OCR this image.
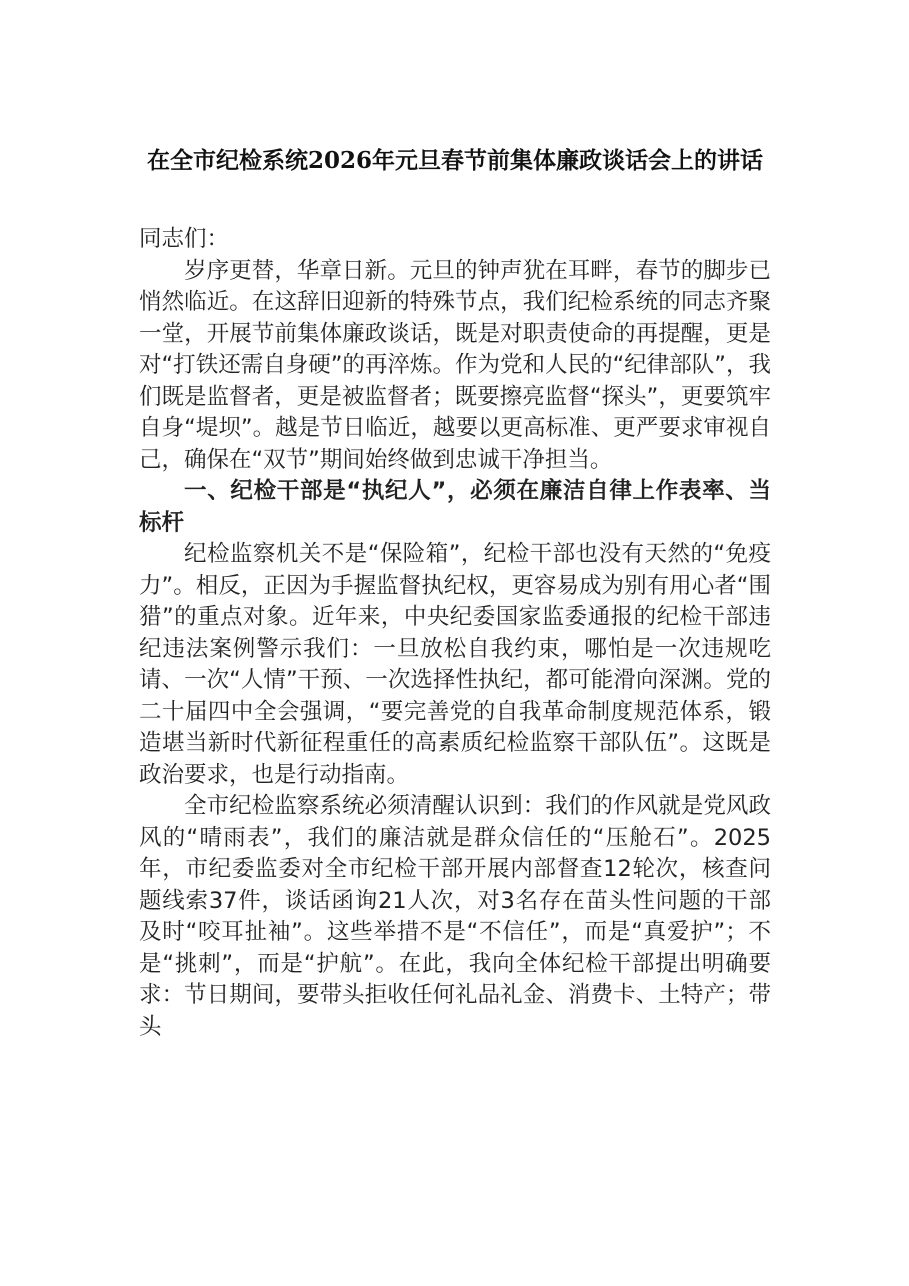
在全市纪检系统2026年元旦春节前集体廉政谈话会上的讲话

同志们：

岁序更替，华章日新。元旦的钟声犹在耳畔，春节的脚步已悄然临近。在这辞旧迎新的特殊节点，我们纪检系统的同志齐聚一堂，开展节前集体廉政谈话，既是对职责使命的再提醒，更是对“打铁还需自身硬”的再淬炼。作为党和人民的“纪律部队”，我们既是监督者，更是被监督者；既要擦亮监督“探头”，更要筑牢自身“堤坝”。越是节日临近，越要以更高标准、更严要求审视自己，确保在“双节”期间始终做到忠诚干净担当。

一、纪检干部是“执纪人”，必须在廉洁自律上作表率、当标杆

纪检监察机关不是“保险箱”，纪检干部也没有天然的“免疫力”。相反，正因为手握监督执纪权，更容易成为别有用心者“围猎”的重点对象。近年来，中央纪委国家监委通报的纪检干部违纪违法案例警示我们：一旦放松自我约束，哪怕是一次违规吃请、一次“人情”干预、一次选择性执纪，都可能滑向深渊。党的二十届四中全会强调，“要完善党的自我革命制度规范体系，锻造堪当新时代新征程重任的高素质纪检监察干部队伍”。这既是政治要求，也是行动指南。

全市纪检监察系统必须清醒认识到：我们的作风就是党风政风的“晴雨表”，我们的廉洁就是群众信任的“压舱石”。2025年，市纪委监委对全市纪检干部开展内部督查12轮次，核查问题线索37件，谈话函询21人次，对3名存在苗头性问题的干部及时“咬耳扯袖”。这些举措不是“不信任”，而是“真爱护”；不是“挑刺”，而是“护航”。在此，我向全体纪检干部提出明确要求：节日期间，要带头拒收任何礼品礼金、消费卡、土特产；带头
